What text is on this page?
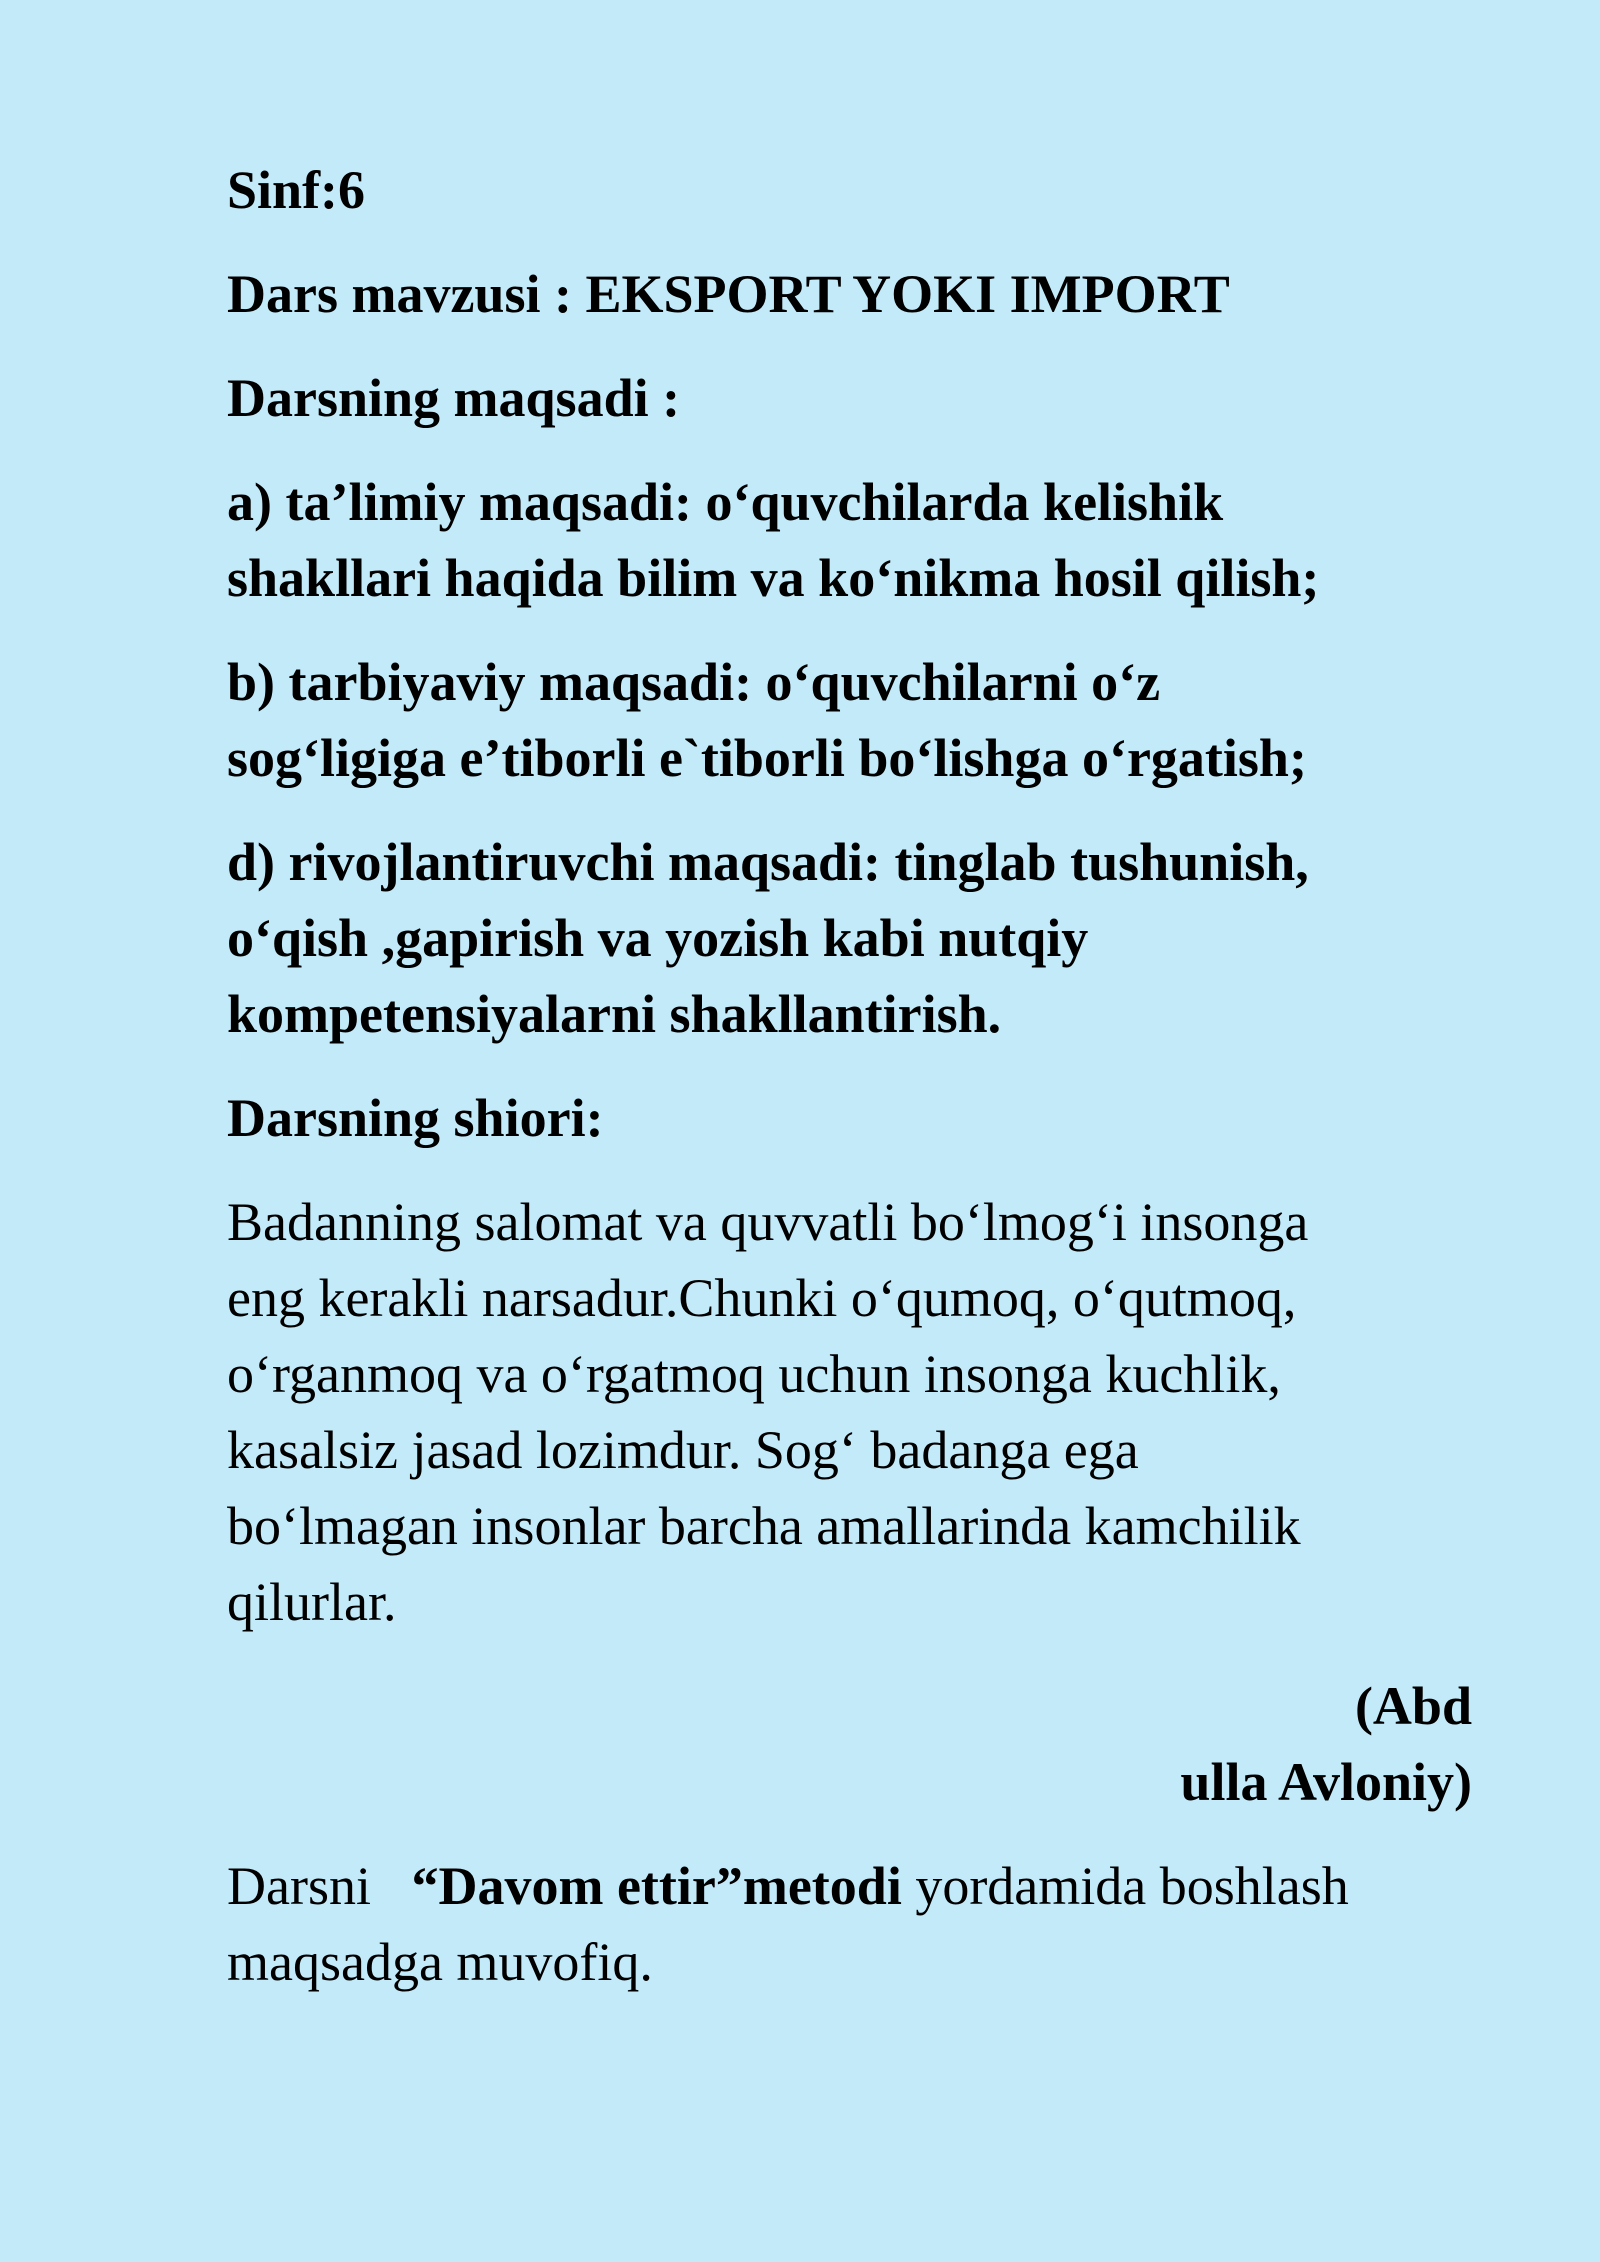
Sinf:6

Dars mavzusi : EKSPORT YOKI IMPORT

Darsning maqsadi :

a) ta’limiy maqsadi: o‘quvchilarda kelishik

shakllari haqida bilim va ko‘nikma hosil qilish;

b) tarbiyaviy maqsadi: o‘quvchilarni o‘z

sog‘ligiga e’tiborli e`tiborli bo‘lishga o‘rgatish;

d) rivojlantiruvchi maqsadi: tinglab tushunish,

o‘qish ,gapirish va yozish kabi nutqiy

kompetensiyalarni shakllantirish.

Darsning shiori:

Badanning salomat va quvvatli bo‘lmog‘i insonga

eng kerakli narsadur.Chunki o‘qumoq, o‘qutmoq,

o‘rganmoq va o‘rgatmoq uchun insonga kuchlik,

kasalsiz jasad lozimdur. Sog‘ badanga ega

bo‘lmagan insonlar barcha amallarinda kamchilik

qilurlar.

(Abd
ulla Avloniy)

Darsni   “Davom ettir”metodi yordamida boshlash

maqsadga muvofiq.
